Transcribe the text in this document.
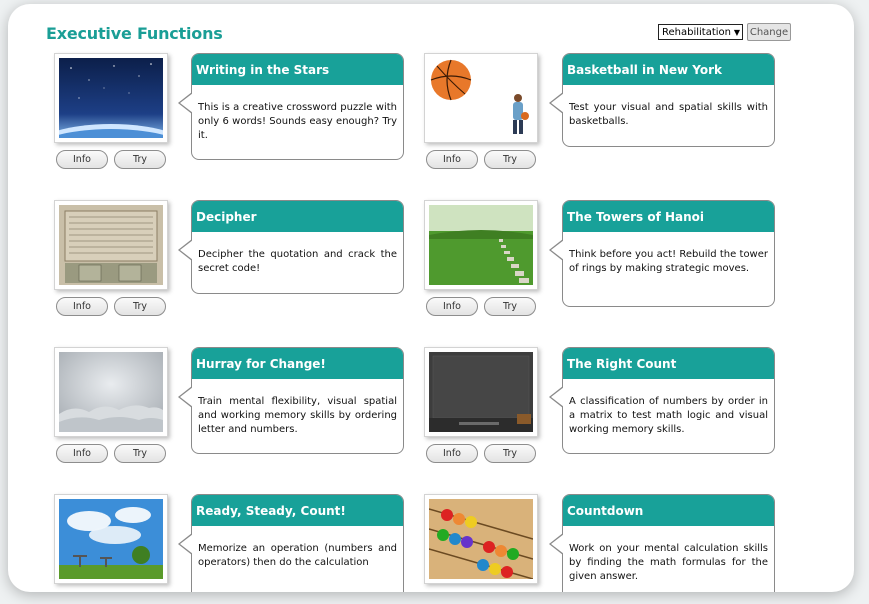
Executive Functions	Rehabilitation ▼ Change
Info	Try
Writing in the Stars
This is a creative crossword puzzle with only 6 words! Sounds easy enough? Try it.
Info	Try
Basketball in New York
Test your visual and spatial skills with basketballs.
Info	Try
Decipher
Decipher the quotation and crack the secret code!
Info	Try
The Towers of Hanoi
Think before you act! Rebuild the tower of rings by making strategic moves.
Info	Try
Hurray for Change!
Train mental flexibility, visual spatial and working memory skills by ordering letter and numbers.
Info	Try
The Right Count
A classification of numbers by order in a matrix to test math logic and visual working memory skills.
Ready, Steady, Count!
Memorize an operation (numbers and operators) then do the calculation
Countdown
Work on your mental calculation skills by finding the math formulas for the given answer.
